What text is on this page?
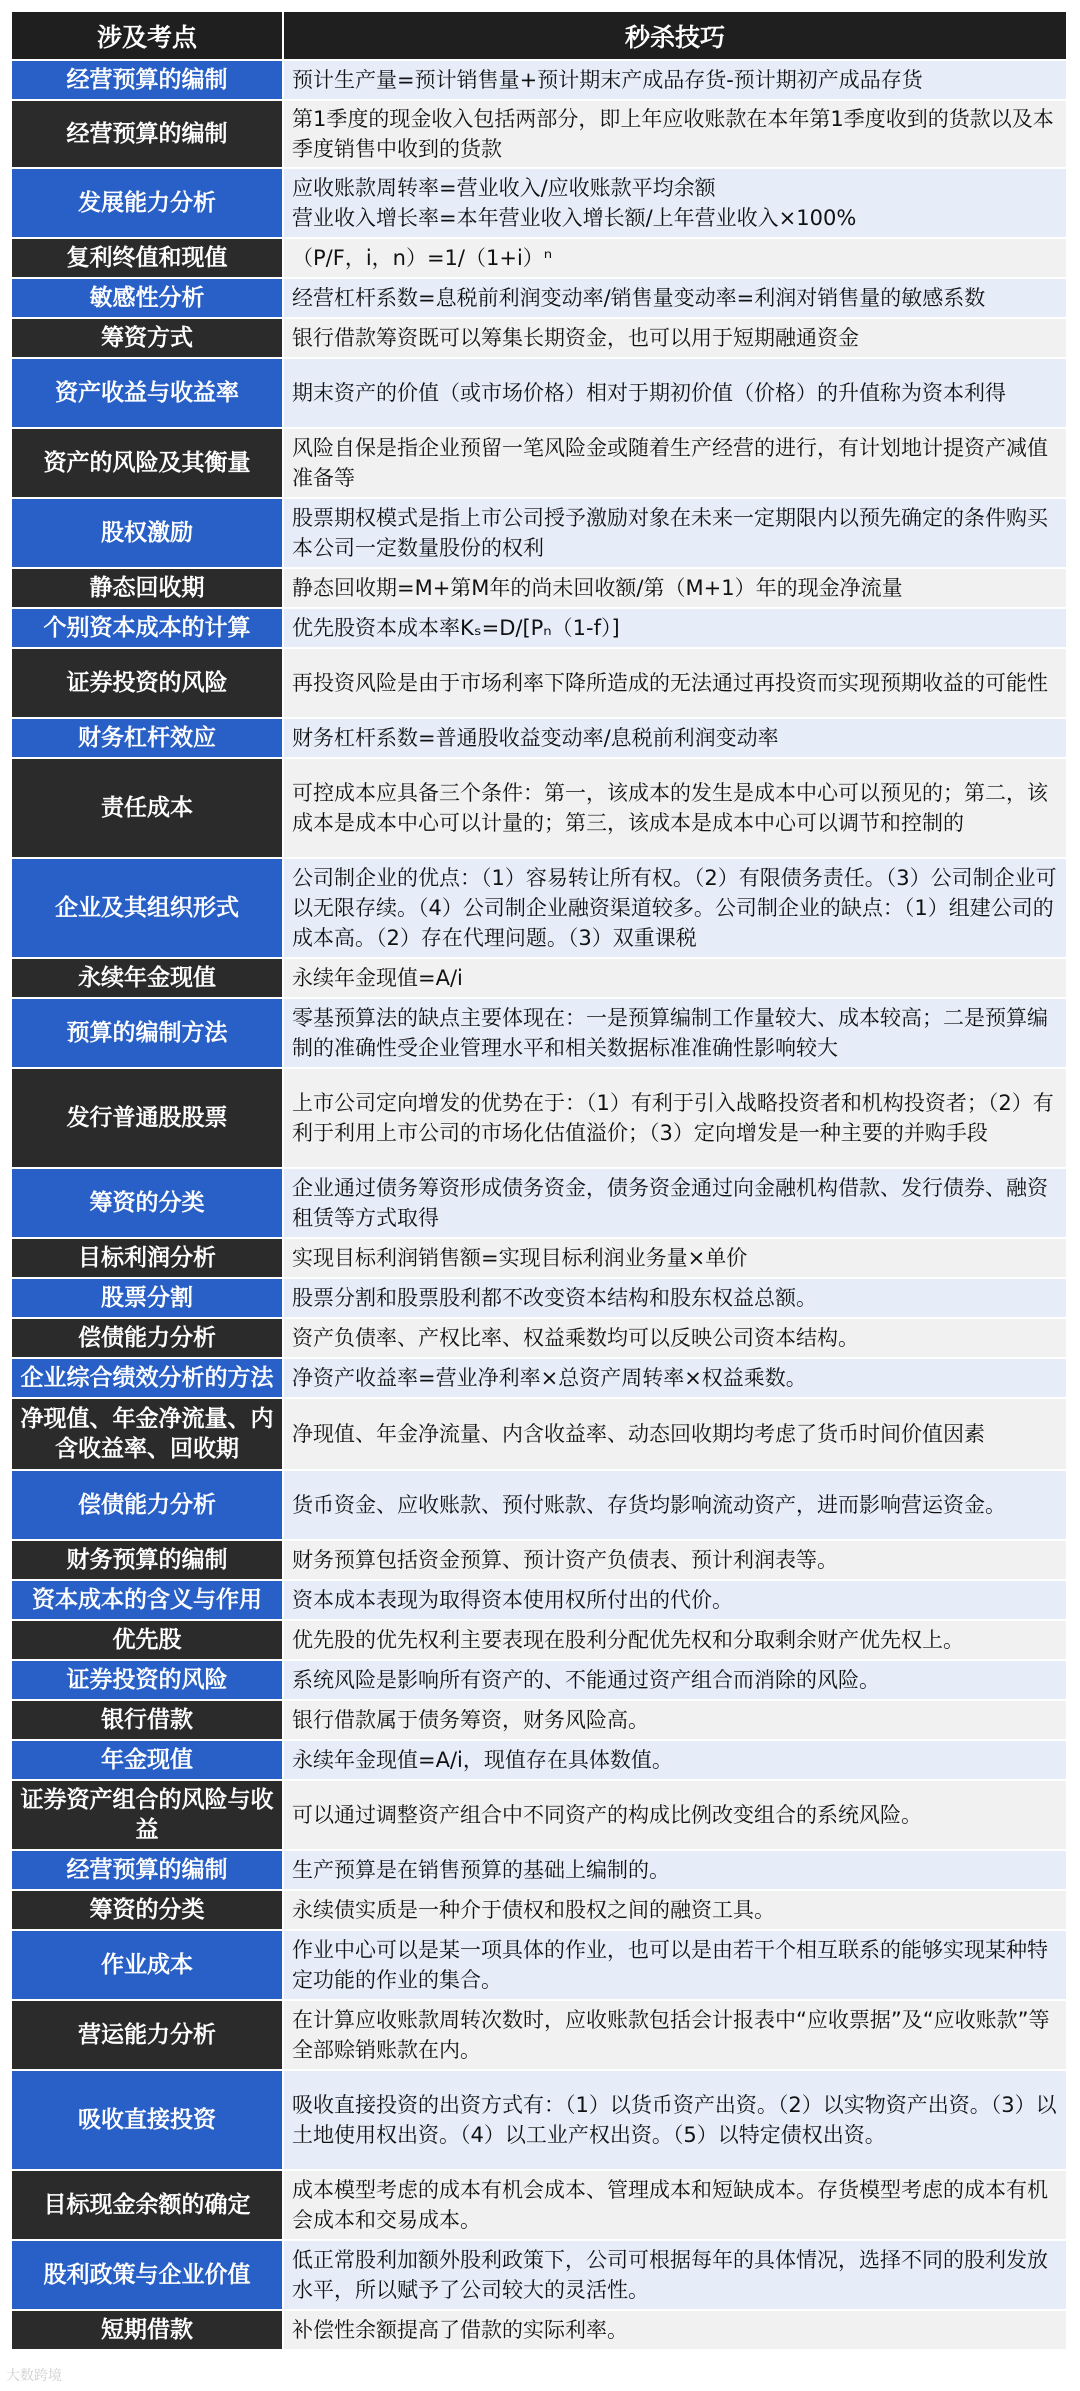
涉及考点	秒杀技巧
经营预算的编制	预计生产量=预计销售量+预计期末产成品存货-预计期初产成品存货
经营预算的编制	第1季度的现金收入包括两部分，即上年应收账款在本年第1季度收到的货款以及本季度销售中收到的货款
发展能力分析	应收账款周转率=营业收入/应收账款平均余额
营业收入增长率=本年营业收入增长额/上年营业收入×100%
复利终值和现值	（P/F，i，n）=1/（1+i）ⁿ
敏感性分析	经营杠杆系数=息税前利润变动率/销售量变动率=利润对销售量的敏感系数
筹资方式	银行借款筹资既可以筹集长期资金，也可以用于短期融通资金
资产收益与收益率	期末资产的价值（或市场价格）相对于期初价值（价格）的升值称为资本利得
资产的风险及其衡量	风险自保是指企业预留一笔风险金或随着生产经营的进行，有计划地计提资产减值准备等
股权激励	股票期权模式是指上市公司授予激励对象在未来一定期限内以预先确定的条件购买本公司一定数量股份的权利
静态回收期	静态回收期=M+第M年的尚未回收额/第（M+1）年的现金净流量
个别资本成本的计算	优先股资本成本率Kₛ=D/[Pₙ（1-f）]
证券投资的风险	再投资风险是由于市场利率下降所造成的无法通过再投资而实现预期收益的可能性
财务杠杆效应	财务杠杆系数=普通股收益变动率/息税前利润变动率
责任成本	可控成本应具备三个条件：第一，该成本的发生是成本中心可以预见的；第二，该成本是成本中心可以计量的；第三，该成本是成本中心可以调节和控制的
企业及其组织形式	公司制企业的优点：（1）容易转让所有权。（2）有限债务责任。（3）公司制企业可以无限存续。（4）公司制企业融资渠道较多。公司制企业的缺点：（1）组建公司的成本高。（2）存在代理问题。（3）双重课税
永续年金现值	永续年金现值=A/i
预算的编制方法	零基预算法的缺点主要体现在：一是预算编制工作量较大、成本较高；二是预算编制的准确性受企业管理水平和相关数据标准准确性影响较大
发行普通股股票	上市公司定向增发的优势在于：（1）有利于引入战略投资者和机构投资者；（2）有利于利用上市公司的市场化估值溢价；（3）定向增发是一种主要的并购手段
筹资的分类	企业通过债务筹资形成债务资金，债务资金通过向金融机构借款、发行债券、融资租赁等方式取得
目标利润分析	实现目标利润销售额=实现目标利润业务量×单价
股票分割	股票分割和股票股利都不改变资本结构和股东权益总额。
偿债能力分析	资产负债率、产权比率、权益乘数均可以反映公司资本结构。
企业综合绩效分析的方法	净资产收益率=营业净利率×总资产周转率×权益乘数。
净现值、年金净流量、内含收益率、回收期	净现值、年金净流量、内含收益率、动态回收期均考虑了货币时间价值因素
偿债能力分析	货币资金、应收账款、预付账款、存货均影响流动资产，进而影响营运资金。
财务预算的编制	财务预算包括资金预算、预计资产负债表、预计利润表等。
资本成本的含义与作用	资本成本表现为取得资本使用权所付出的代价。
优先股	优先股的优先权利主要表现在股利分配优先权和分取剩余财产优先权上。
证券投资的风险	系统风险是影响所有资产的、不能通过资产组合而消除的风险。
银行借款	银行借款属于债务筹资，财务风险高。
年金现值	永续年金现值=A/i，现值存在具体数值。
证券资产组合的风险与收益	可以通过调整资产组合中不同资产的构成比例改变组合的系统风险。
经营预算的编制	生产预算是在销售预算的基础上编制的。
筹资的分类	永续债实质是一种介于债权和股权之间的融资工具。
作业成本	作业中心可以是某一项具体的作业，也可以是由若干个相互联系的能够实现某种特定功能的作业的集合。
营运能力分析	在计算应收账款周转次数时，应收账款包括会计报表中“应收票据”及“应收账款”等全部赊销账款在内。
吸收直接投资	吸收直接投资的出资方式有：（1）以货币资产出资。（2）以实物资产出资。（3）以土地使用权出资。（4）以工业产权出资。（5）以特定债权出资。
目标现金余额的确定	成本模型考虑的成本有机会成本、管理成本和短缺成本。存货模型考虑的成本有机会成本和交易成本。
股利政策与企业价值	低正常股利加额外股利政策下，公司可根据每年的具体情况，选择不同的股利发放水平，所以赋予了公司较大的灵活性。
短期借款	补偿性余额提高了借款的实际利率。
大数跨境
